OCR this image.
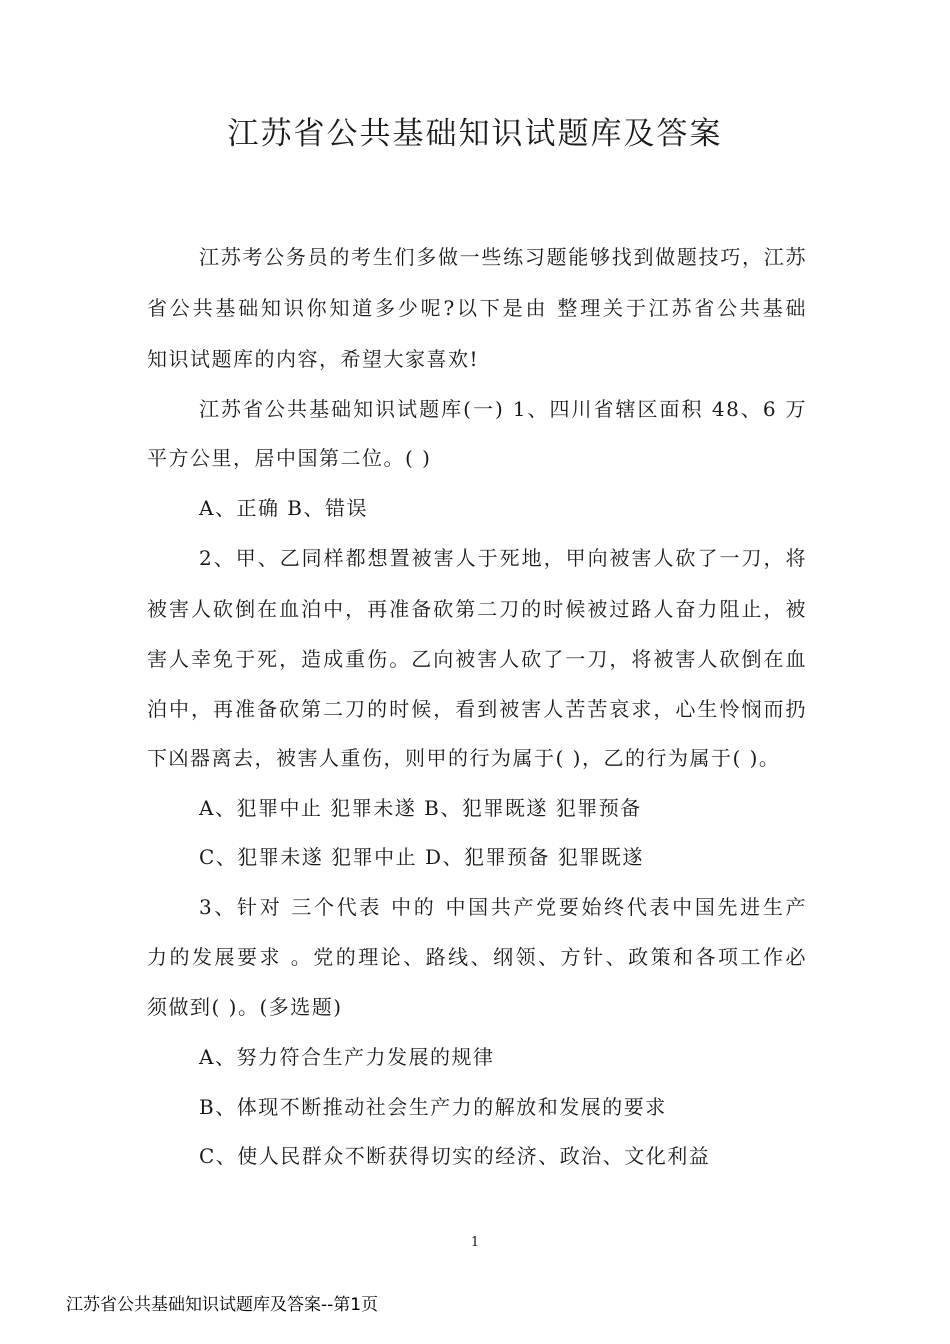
江苏省公共基础知识试题库及答案
江苏考公务员的考生们多做一些练习题能够找到做题技巧，江苏
省公共基础知识你知道多少呢?以下是由 整理关于江苏省公共基础
知识试题库的内容，希望大家喜欢!
江苏省公共基础知识试题库(一) 1、四川省辖区面积 48、6 万
平方公里，居中国第二位。( )
A、正确 B、错误
2、甲、乙同样都想置被害人于死地，甲向被害人砍了一刀，将
被害人砍倒在血泊中，再准备砍第二刀的时候被过路人奋力阻止，被
害人幸免于死，造成重伤。乙向被害人砍了一刀，将被害人砍倒在血
泊中，再准备砍第二刀的时候，看到被害人苦苦哀求，心生怜悯而扔
下凶器离去，被害人重伤，则甲的行为属于( )，乙的行为属于( )。
A、犯罪中止 犯罪未遂 B、犯罪既遂 犯罪预备
C、犯罪未遂 犯罪中止 D、犯罪预备 犯罪既遂
3、针对 三个代表 中的 中国共产党要始终代表中国先进生产
力的发展要求 。党的理论、路线、纲领、方针、政策和各项工作必
须做到( )。(多选题)
A、努力符合生产力发展的规律
B、体现不断推动社会生产力的解放和发展的要求
C、使人民群众不断获得切实的经济、政治、文化利益
1
江苏省公共基础知识试题库及答案--第1页
